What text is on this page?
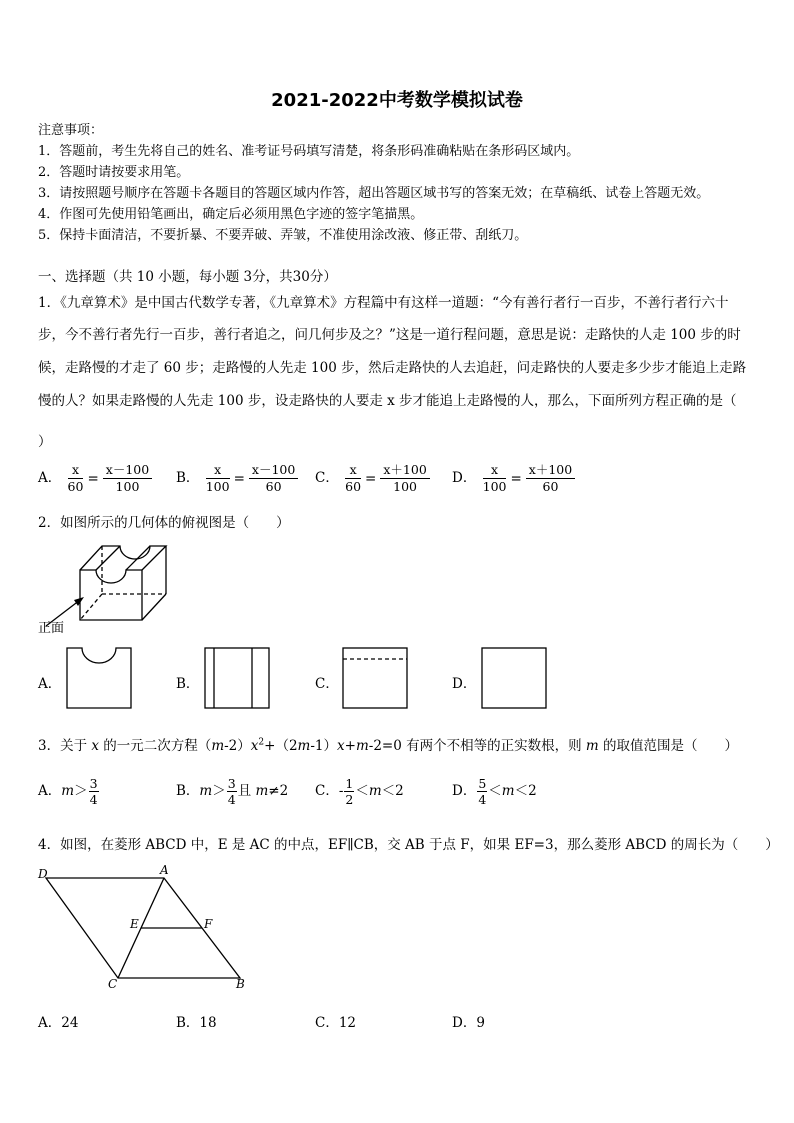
2021-2022中考数学模拟试卷
注意事项：
1．答题前，考生先将自己的姓名、准考证号码填写清楚，将条形码准确粘贴在条形码区域内。
2．答题时请按要求用笔。
3．请按照题号顺序在答题卡各题目的答题区域内作答，超出答题区域书写的答案无效；在草稿纸、试卷上答题无效。
4．作图可先使用铅笔画出，确定后必须用黑色字迹的签字笔描黑。
5．保持卡面清洁，不要折暴、不要弄破、弄皱，不准使用涂改液、修正带、刮纸刀。
一、选择题（共 10 小题，每小题 3分，共30分）
1．《九章算术》是中国古代数学专著，《九章算术》方程篇中有这样一道题：“今有善行者行一百步，不善行者行六十
步，今不善行者先行一百步，善行者追之，问几何步及之？”这是一道行程问题，意思是说：走路快的人走 100 步的时
候，走路慢的才走了 60 步；走路慢的人先走 100 步，然后走路快的人去追赶，问走路快的人要走多少步才能追上走路
慢的人？如果走路慢的人先走 100 步，设走路快的人要走 x 步才能追上走路慢的人，那么，下面所列方程正确的是（
）
A． $\frac{x}{60} = \frac{x-100}{100}$ B． $\frac{x}{100} = \frac{x-100}{60}$ C． $\frac{x}{60} = \frac{x+100}{100}$ D． $\frac{x}{100} = \frac{x+100}{60}$
2．如图所示的几何体的俯视图是（　　）
正面
A．	B．	C．	D．
3．关于 x 的一元二次方程$(m-2)x^2+(2m-1)x+m-2=0$ 有两个不相等的正实数根，则 m 的取值范围是（　　）
A．$m> \frac{3}{4}$	B．$m> \frac{3}{4}$ 且 m≠2 C．- $\frac{1}{2} <m<2$	D． $\frac{5}{4} <m<2$
4．如图，在菱形 ABCD 中，E 是 AC 的中点，EF∥CB，交 AB 于点 F，如果 EF=3，那么菱形 ABCD 的周长为（　　）
D	A
E	F
C	B
A．24	B．18	C．12	D．9
